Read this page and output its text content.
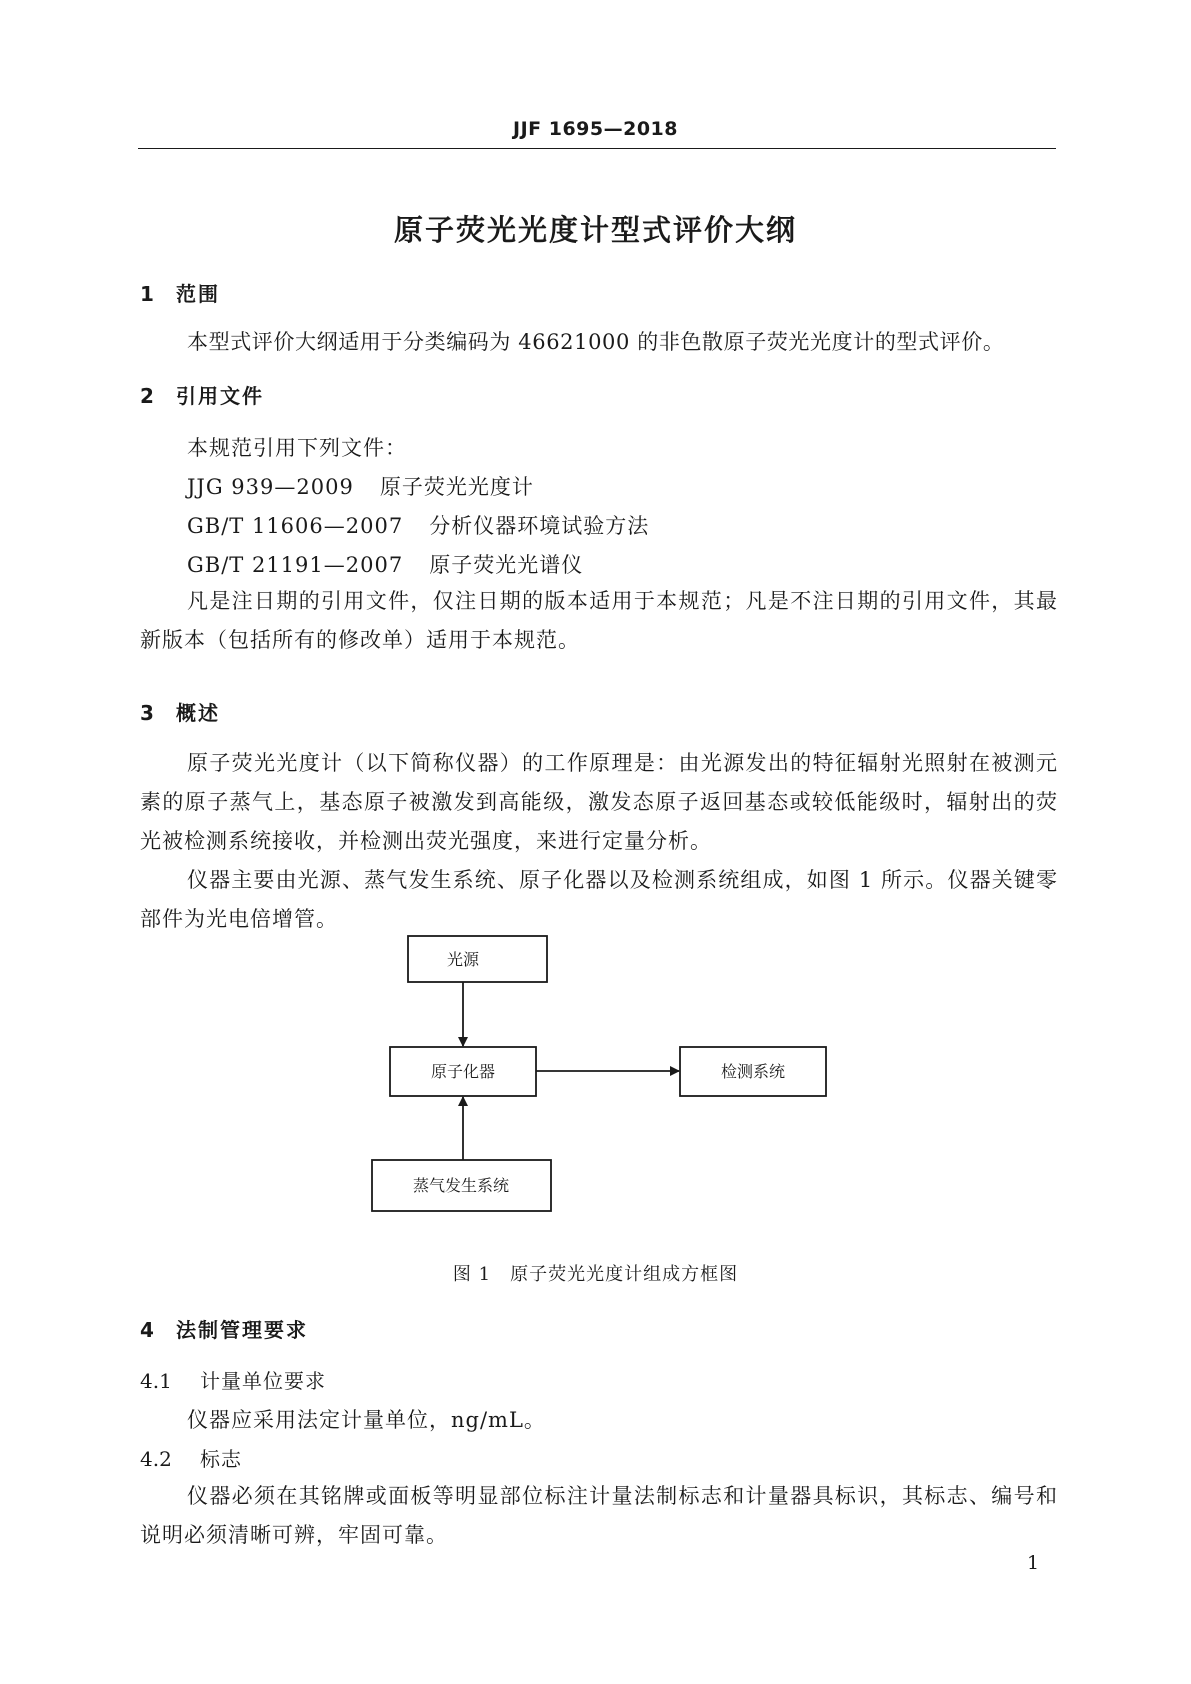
JJF 1695—2018
原子荧光光度计型式评价大纲
1 范围
本型式评价大纲适用于分类编码为 46621000 的非色散原子荧光光度计的型式评价。
2 引用文件
本规范引用下列文件：
JJG 939—2009 原子荧光光度计
GB/T 11606—2007 分析仪器环境试验方法
GB/T 21191—2007 原子荧光光谱仪
凡是注日期的引用文件，仅注日期的版本适用于本规范；凡是不注日期的引用文件，其最新版本（包括所有的修改单）适用于本规范。
3 概述
原子荧光光度计（以下简称仪器）的工作原理是：由光源发出的特征辐射光照射在被测元素的原子蒸气上，基态原子被激发到高能级，激发态原子返回基态或较低能级时，辐射出的荧光被检测系统接收，并检测出荧光强度，来进行定量分析。
仪器主要由光源、蒸气发生系统、原子化器以及检测系统组成，如图 1 所示。仪器关键零部件为光电倍增管。
光源
原子化器	检测系统
蒸气发生系统
图 1　原子荧光光度计组成方框图
4 法制管理要求
4.1 计量单位要求
仪器应采用法定计量单位，ng/mL。
4.2 标志
仪器必须在其铭牌或面板等明显部位标注计量法制标志和计量器具标识，其标志、编号和说明必须清晰可辨，牢固可靠。
1
